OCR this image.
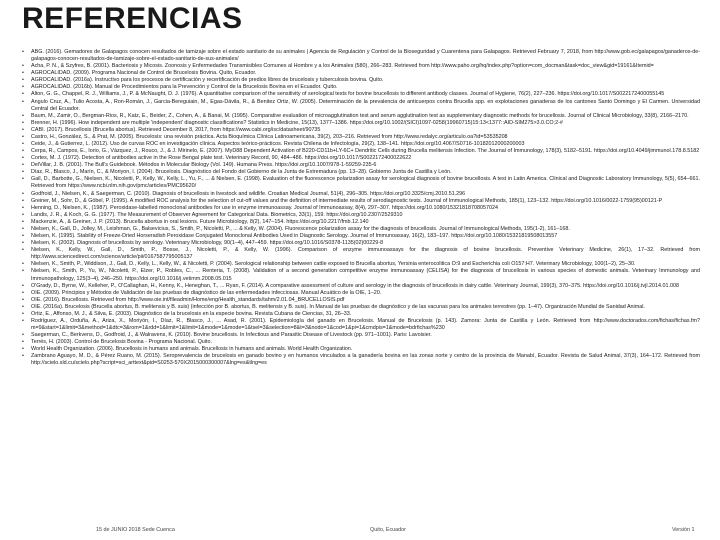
REFERENCIAS
• ABG. (2016). Gemadores de Galapagos conocen resultados de tamizaje sobre el estado sanitario de su animales | Agencia de Regulación y Control de la Bioseguridad y Cuarentena para Galapagos. Retrieved February 7, 2018, from http://www.gob.ec/galapagos/ganaderos-de-galapagos-conocen-resultados-de-tamizaje-sobre-el-estado-sanitario-de-sus-animales/
• Acha, P. N., & Szyfres, B. (2001). Bacteriosis y Micosis. Zoonosis y Enfermedades Transmisibles Comunes al Hombre y a los Animales (580), 266–283. Retrieved from http://www.paho.org/hq/index.php?option=com_docman&task=doc_view&gid=19161&Itemid=
• AGROCALIDAD. (2009). Programa Nacional de Control de Brucelosis Bovina. Quito, Ecuador.
• AGROCALIDAD. (2016a). Instructivo para los procesos de certificación y recertificación de predios libres de brucelosis y tuberculosis bovina. Quito.
• AGROCALIDAD. (2016b). Manual de Procedimientos para la Prevención y Control de la Brucelosis Bovina en el Ecuador. Quito.
• Alton, G. G., Chappel, R. J., Williams, J., P. & McNaught, D. J. (1976). A quantitative comparison of the sensitivity of serological tests for bovine brucellosis to different antibody classes. Journal of Hygiene, 76(2), 227–236. https://doi.org/10.1017/S0022172400055145
• Angulo Cruz, A., Tulio Acosta, A., Ron-Román, J., Garcia-Bereguiain, M., Egas-Dávila, R., & Benitez Ortiz, W. (2005). Determinación de la prevalencia de anticuerpos contra Brucella spp. en explotaciones ganaderas de los cantones Santo Domingo y El Carmen. Universidad Central del Ecuador.
• Baum, M., Zamir, O., Bergman-Rios, R., Katz, E., Beider, Z., Cohen, A., & Banai, M. (1995). Comparative evaluation of microagglutination test and serum agglutination test as supplementary diagnostic methods for brucellosis. Journal of Clinical Microbiology, 33(8), 2166–2170.
• Brenner, H. (1996). How independent are multiple 'independent' diagnostic classifications? Statistics in Medicine, 15(13), 1377–1386. https://doi.org/10.1002/(SICI)1097-0258(19960715)15:13<1377::AID-SIM275>3.0.CO;2-#
• CABI. (2017). Brucellosis (Brucella abortus). Retrieved December 8, 2017, from https://www.cabi.org/isc/datasheet/90735
• Castro, H., González, S., & Prat, M. (2005). Brucelosis: una revisión práctica. Acta Bioquímica Clínica Latinoamericana, 39(2), 203–216. Retrieved from http://www.redalyc.org/articulo.oa?id=53535208
• Ceide, J., & Gutierrez, L. (2012). Uso de curvas ROC en investigación clínica. Aspectos teórico-prácticos. Revista Chilena de Infectología, 29(2), 138–141. https://doi.org/10.4067/S0716-10182012000200003
• Cerpa, R., Campos, E., Iorio, G., Vázquez, J., Rouco, J., & J. Mirinelo, E. (2007). MyD88 Dependent Activation of B220-CD11b+LY-6C+ Dendritic Cells during Brucella melitensis Infection. The Journal of Immunology, 178(3), 5182–5191. https://doi.org/10.4049/jimmunol.178.8.5182
• Cortes, M. J. (1972). Detection of antibodies active in the Rose Bengal plate test. Veterinary Record, 90, 484–486. https://doi.org/10.1017/S0022172400022622
• DelVillar, J. B. (2001). The Bull's Guidebook. Métodos in Molecular Biology (Vol. 149). Humana Press. https://doi.org/10.1007/978-1-59259-235-6
• Díaz, R., Blasco, J., Marín, C., & Moriyon, I. (2004). Brucelosis. Diagnóstico del Fondo del Gobierno de la Junta de Extremadura (pp. 13–28). Gobierno Junta de Castilla y León.
• Gall, D., Barbotte, G., Nielsen, K., Nicoletti, P., Kelly, W., Kelly, L., Yu, F., ... & Nielsen, E. (1998). Evaluation of the fluorescence polarization assay for serological diagnosis of bovine brucellosis. A test in Latin America. Clinical and Diagnostic Laboratory Immunology, 5(5), 654–661. Retrieved from https://www.ncbi.nlm.nih.gov/pmc/articles/PMC95620/
• Godfroid, J., Nielsen, K., & Saegerman, C. (2010). Diagnosis of brucellosis in livestock and wildlife. Croatian Medical Journal, 51(4), 296–305. https://doi.org/10.3325/cmj.2010.51.296
• Greiner, M., Sohr, D., & Göbel, P. (1995). A modified ROC analysis for the selection of cut-off values and the definition of intermediate results of serodiagnostic tests. Journal of Immunological Methods, 185(1), 123–132. https://doi.org/10.1016/0022-1759(95)00121-P
• Henning, D., Nielsen, K., (1987). Peroxidase-labelled monoclonal antibodies for use in enzyme immunoassay. Journal of Immunoassay, 8(4), 297–307. https://doi.org/10.1080/15321818708057024
• Landis, J. R., & Koch, G. G. (1977). The Measurement of Observer Agreement for Categorical Data. Biometrics, 33(1), 159. https://doi.org/10.2307/2529310
• Mackenzie, A., & Greiner, J. P. (2013). Brucella abortus in oral lesions. Future Microbiology, 8(2), 147–154. https://doi.org/10.2217/fmb.12.140
• Nielsen, K., Gall, D., Jolley, M., Leishman, G., Balsevicius, S., Smith, P., Nicoletti, P., ... & Kelly, W. (2004). Fluorescence polarization assay for the diagnosis of brucellosis. Journal of Immunological Methods, 195(1-2), 161–168.
• Nielsen, K. (1995). Stability of Freeze-Dried Horseradish Peroxidase Conjugated Monoclonal Antibodies Used in Diagnostic Serology. Journal of Immunoassay, 16(2), 183–197. https://doi.org/10.1080/15321819508013557
• Nielsen, K. (2002). Diagnosis of brucellosis by serology. Veterinary Microbiology, 90(1–4), 447–459. https://doi.org/10.1016/S0378-1135(02)00229-8
• Nielsen, K., Kelly, W., Gall, D., Smith, P., Bosse, J., Nicoletti, P., & Kelly, W. (1996). Comparison of enzyme immunoassays for the diagnosis of bovine brucellosis. Preventive Veterinary Medicine, 26(1), 17–32. Retrieved from http://www.sciencedirect.com/science/article/pii/0167587795005137
• Nielsen, K., Smith, P., Widdison, J., Gall, D., Kelly, L., Kelly, W., & Nicoletti, P. (2004). Serological relationship between cattle exposed to Brucella abortus, Yersinia enterocolitica O:9 and Escherichia coli O157:H7. Veterinary Microbiology, 100(1–2), 25–30.
• Nielsen, K., Smith, P., Yu, W., Nicoletti, P., Elzer, P., Robles, C., ... Renteria, T. (2008). Validation of a second generation competitive enzyme immunoassay (CELISA) for the diagnosis of brucellosis in various species of domestic animals. Veterinary Immunology and Immunopathology, 125(3–4), 246–250. https://doi.org/10.1016/j.vetimm.2008.05.015
• O'Grady, D., Byrne, W., Kelleher, P., O'Callaghan, H., Kenny, K., Heneghan, T., ... Ryan, F. (2014). A comparative assessment of culture and serology in the diagnosis of brucellosis in dairy cattle. Veterinary Journal, 199(3), 370–375. https://doi.org/10.1016/j.tvjl.2014.01.008
• OIE. (2009). Principios y Métodos de Validación de las pruebas de diagnóstico de las enfermedades infecciosas. Manual Acuático de la OIE, 1–20.
• OIE. (2016). Brucellosis. Retrieved from http://www.oie.int/fileadmin/Home/eng/Health_standards/tahm/2.01.04_BRUCELLOSIS.pdf
• OIE. (2016a). Brucelosis (Brucella abortus, B. melitensis y B. suis) (infección por B. abortus, B. melitensis y B. suis). In Manual de las pruebas de diagnóstico y de las vacunas para los animales terrestres (pp. 1–47). Organización Mundial de Sanidad Animal.
• Ortiz, E., Affonso, M. J., & Silva, E. (2003). Diagnóstico de la brucelosis en la especie bovina. Revista Cubana de Ciencias, 31, 26–33.
• Rodríguez, A., Orduña, A., Ariza, X., Moriyón, I., Díaz, R., Blasco, J., ... Asad, R. (2001). Epidemiología del ganado en Brucelosis. Manual de Brucelosis (p. 143). Zamora: Junta de Castilla y León. Retrieved from http://www.doctorados.com/fichas/fichas.fm?m=9&start=1&limit=3&method=1&dtc=3&rom=1&rdd=1&limit=1&limit=1&mode=1&mode=1&tsel=3&selection=8&t=3&nodo=1&cod=1&pi=1&cmdpis=1&mode=bdrfichas%230
• Saegerman, C., Berkvens, D., Godfroid, J., & Walravens, K. (2010). Bovine brucellosis. In Infectious and Parasitic Disease of Livestock (pp. 971–1001). Paris: Lavoisier.
• Terrés, H. (2003). Control de Brucelosis Bovina - Programa Nacional. Quito.
• World Health Organization. (2006). Brucellosis in humans and animals. Brucellosis in humans and animals. World Health Organization.
• Zambrano Aguayo, M. D., & Pérez Ruano, M. (2015). Seroprevalencia de brucelosis en ganado bovino y en humanos vinculados a la ganadería bovina en las zonas norte y centro de la provincia de Manabí, Ecuador. Revista de Salud Animal, 37(3), 164–172. Retrieved from http://scielo.sld.cu/scielo.php?script=sci_arttext&pid=S0253-570X2015000300007&lng=es&tlng=es
15 de JUNIO 2018 Sede Cuenca	Quito, Ecuador	Versión 1
